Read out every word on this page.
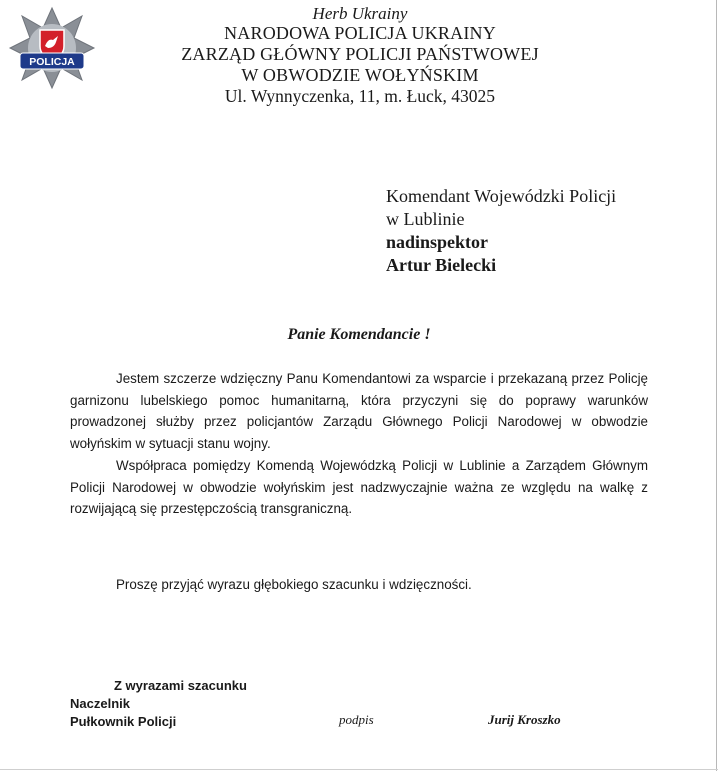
POLICJA
Herb Ukrainy
NARODOWA POLICJA UKRAINY
ZARZĄD GŁÓWNY POLICJI PAŃSTWOWEJ
W OBWODZIE WOŁYŃSKIM
Ul. Wynnyczenka, 11, m. Łuck, 43025
Komendant Wojewódzki Policji
w Lublinie
nadinspektor
Artur Bielecki
Panie Komendancie !

Jestem szczerze wdzięczny Panu Komendantowi za wsparcie i przekazaną przez Policję garnizonu lubelskiego pomoc humanitarną, która przyczyni się do poprawy warunków prowadzonej służby przez policjantów Zarządu Głównego Policji Narodowej w obwodzie wołyńskim w sytuacji stanu wojny.

Współpraca pomiędzy Komendą Wojewódzką Policji w Lublinie a Zarządem Głównym Policji Narodowej w obwodzie wołyńskim jest nadzwyczajnie ważna ze względu na walkę z rozwijającą się przestępczością transgraniczną.

Proszę przyjąć wyrazu głębokiego szacunku i wdzięczności.
Z wyrazami szacunku
Naczelnik
Pułkownik Policji	podpis	Jurij Kroszko
